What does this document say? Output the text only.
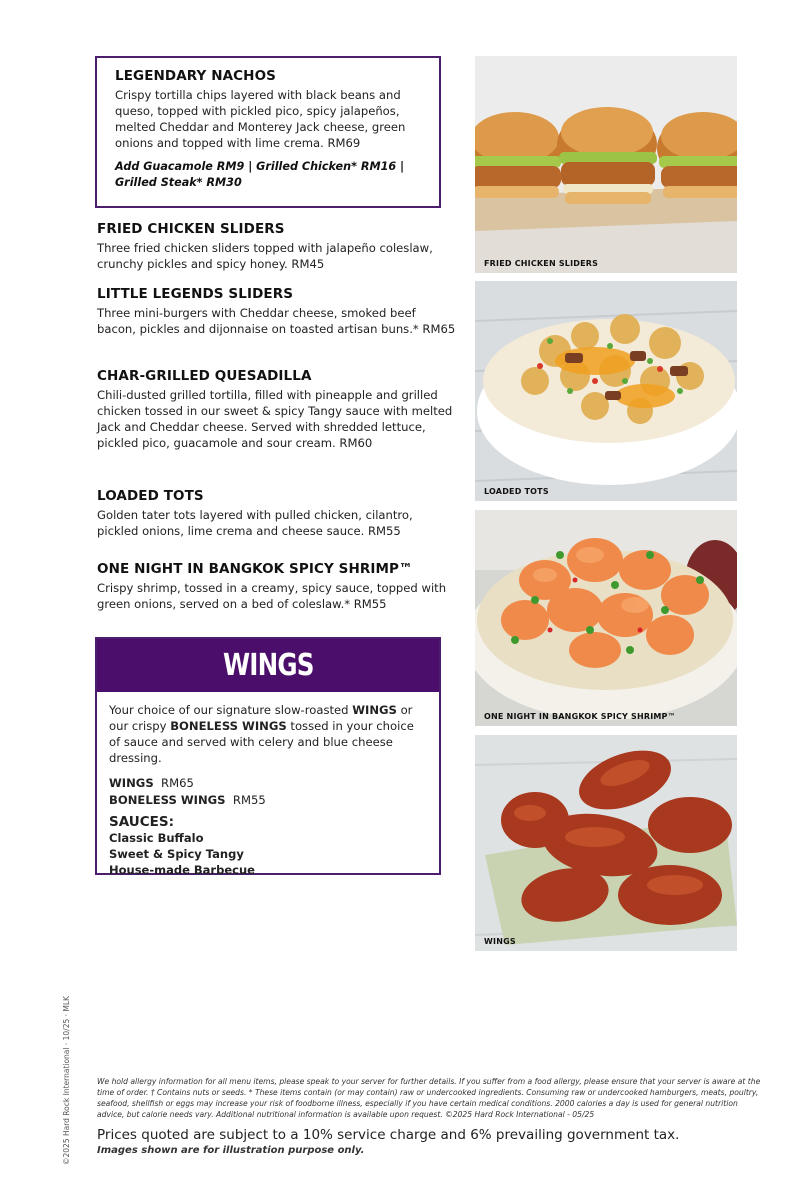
LEGENDARY NACHOS
Crispy tortilla chips layered with black beans and queso, topped with pickled pico, spicy jalapeños, melted Cheddar and Monterey Jack cheese, green onions and topped with lime crema. RM69
Add Guacamole RM9 | Grilled Chicken* RM16 | Grilled Steak* RM30
FRIED CHICKEN SLIDERS
Three fried chicken sliders topped with jalapeño coleslaw, crunchy pickles and spicy honey. RM45
LITTLE LEGENDS SLIDERS
Three mini-burgers with Cheddar cheese, smoked beef bacon, pickles and dijonnaise on toasted artisan buns.* RM65
CHAR-GRILLED QUESADILLA
Chili-dusted grilled tortilla, filled with pineapple and grilled chicken tossed in our sweet & spicy Tangy sauce with melted Jack and Cheddar cheese. Served with shredded lettuce, pickled pico, guacamole and sour cream. RM60
LOADED TOTS
Golden tater tots layered with pulled chicken, cilantro, pickled onions, lime crema and cheese sauce. RM55
ONE NIGHT IN BANGKOK SPICY SHRIMP™
Crispy shrimp, tossed in a creamy, spicy sauce, topped with green onions, served on a bed of coleslaw.* RM55
WINGS
Your choice of our signature slow-roasted WINGS or our crispy BONELESS WINGS tossed in your choice of sauce and served with celery and blue cheese dressing.
WINGS RM65
BONELESS WINGS RM55
SAUCES:
Classic Buffalo
Sweet & Spicy Tangy
House-made Barbecue
FRIED CHICKEN SLIDERS
LOADED TOTS
ONE NIGHT IN BANGKOK SPICY SHRIMP™
WINGS
©2025 Hard Rock International · 10/25 · MLK	We hold allergy information for all menu items, please speak to your server for further details. If you suffer from a food allergy, please ensure that your server is aware at the time of order. † Contains nuts or seeds. * These items contain (or may contain) raw or undercooked ingredients. Consuming raw or undercooked hamburgers, meats, poultry, seafood, shellfish or eggs may increase your risk of foodborne illness, especially if you have certain medical conditions. 2000 calories a day is used for general nutrition advice, but calorie needs vary. Additional nutritional information is available upon request. ©2025 Hard Rock International - 05/25
Prices quoted are subject to a 10% service charge and 6% prevailing government tax.
Images shown are for illustration purpose only.
